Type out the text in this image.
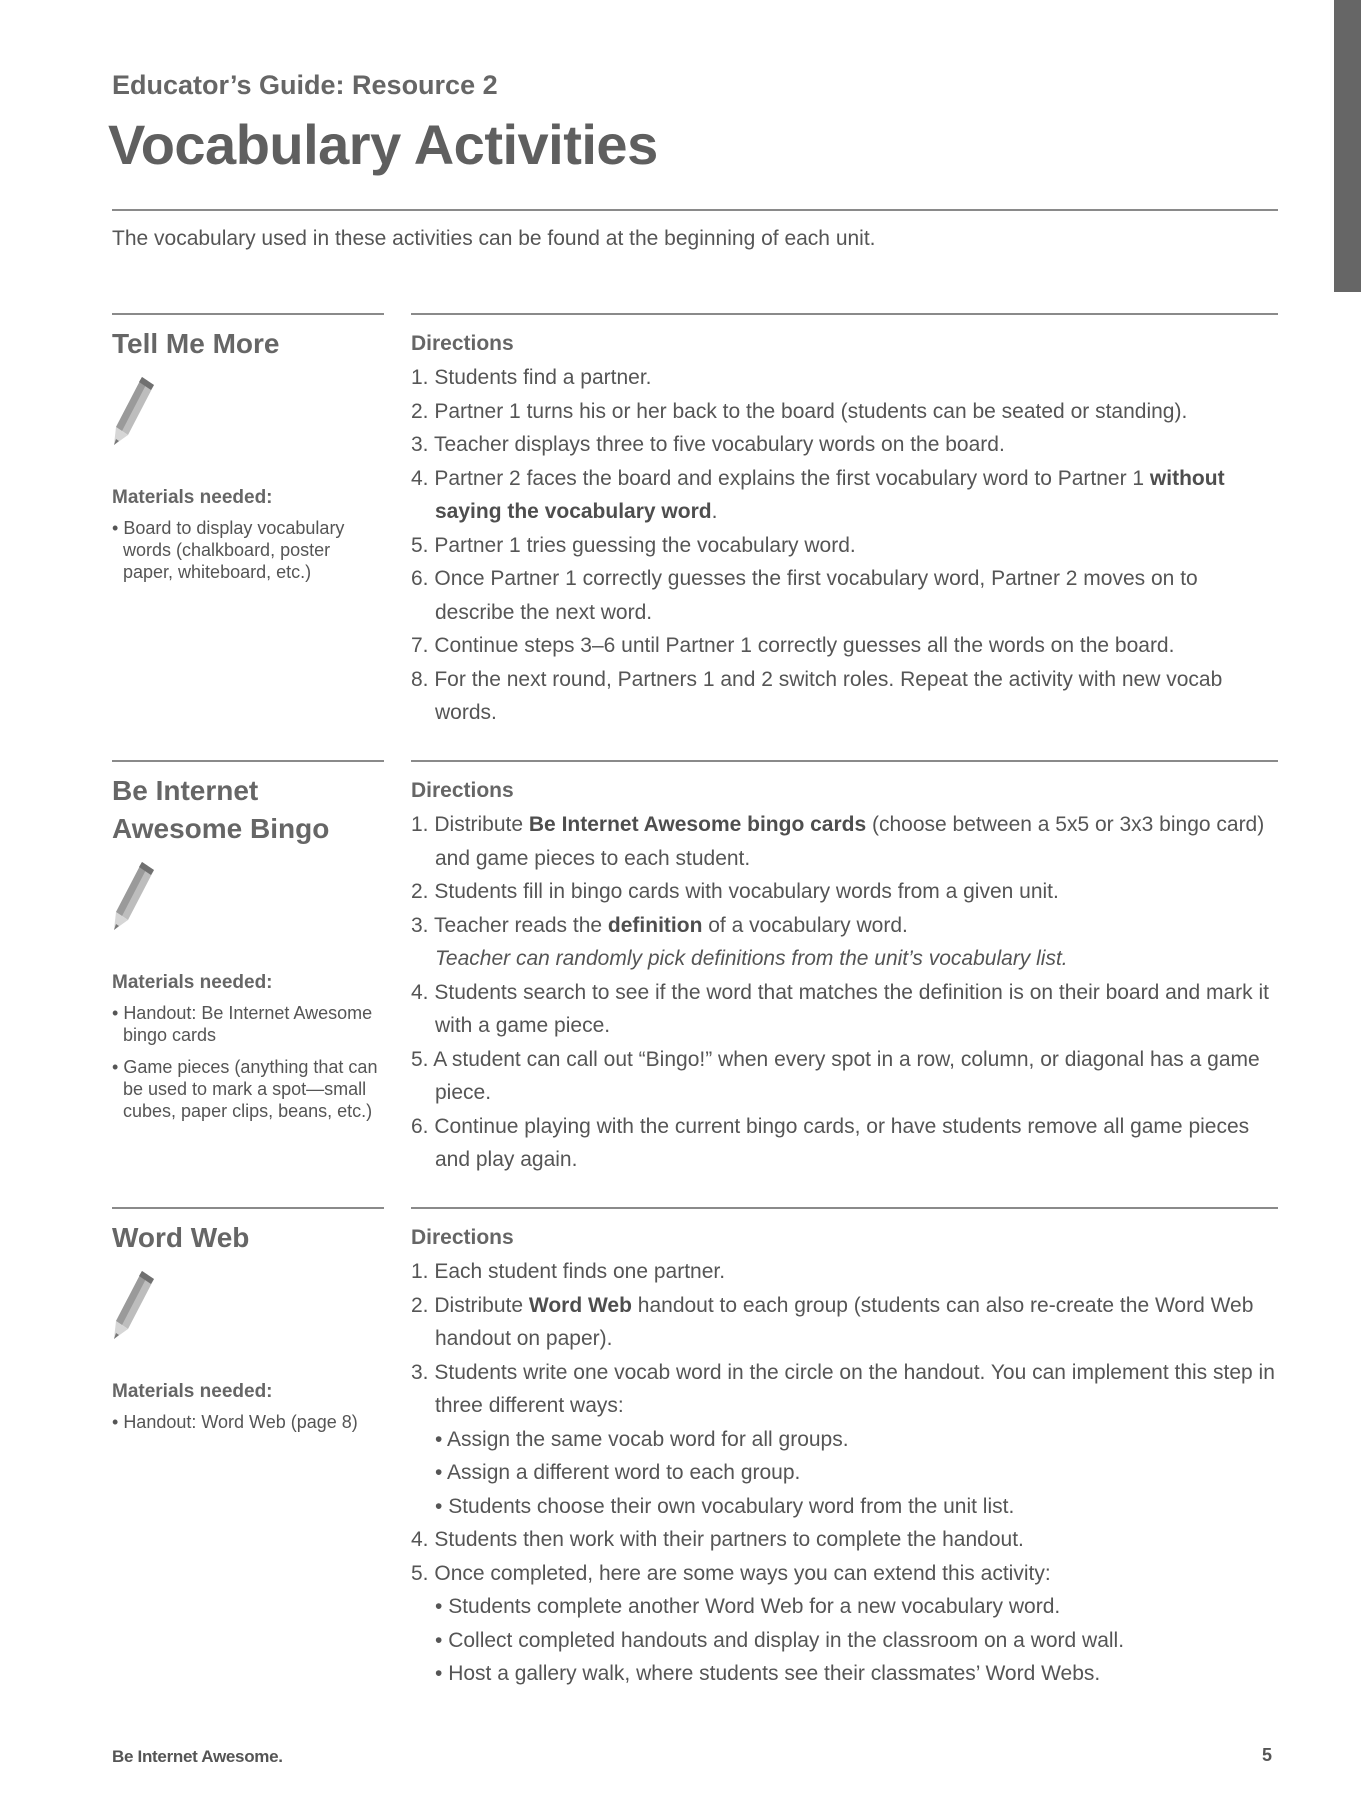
Educator’s Guide: Resource 2
Vocabulary Activities

The vocabulary used in these activities can be found at the beginning of each unit.

Tell Me More

Materials needed:

• Board to display vocabulary words (chalkboard, poster paper, whiteboard, etc.)

Directions

1. Students find a partner.
2. Partner 1 turns his or her back to the board (students can be seated or standing).
3. Teacher displays three to five vocabulary words on the board.
4. Partner 2 faces the board and explains the first vocabulary word to Partner 1 without saying the vocabulary word.
5. Partner 1 tries guessing the vocabulary word.
6. Once Partner 1 correctly guesses the first vocabulary word, Partner 2 moves on to describe the next word.
7. Continue steps 3–6 until Partner 1 correctly guesses all the words on the board.
8. For the next round, Partners 1 and 2 switch roles. Repeat the activity with new vocab words.
Be Internet
Awesome Bingo

Materials needed:

• Handout: Be Internet Awesome bingo cards
• Game pieces (anything that can be used to mark a spot—small cubes, paper clips, beans, etc.)

Directions

1. Distribute Be Internet Awesome bingo cards (choose between a 5x5 or 3x3 bingo card) and game pieces to each student.
2. Students fill in bingo cards with vocabulary words from a given unit.
3. Teacher reads the definition of a vocabulary word.
Teacher can randomly pick definitions from the unit’s vocabulary list.
4. Students search to see if the word that matches the definition is on their board and mark it with a game piece.
5. A student can call out “Bingo!” when every spot in a row, column, or diagonal has a game piece.
6. Continue playing with the current bingo cards, or have students remove all game pieces and play again.
Word Web

Materials needed:

• Handout: Word Web (page 8)

Directions

1. Each student finds one partner.
2. Distribute Word Web handout to each group (students can also re-create the Word Web handout on paper).
3. Students write one vocab word in the circle on the handout. You can implement this step in three different ways:
• Assign the same vocab word for all groups.
• Assign a different word to each group.
• Students choose their own vocabulary word from the unit list.
4. Students then work with their partners to complete the handout.
5. Once completed, here are some ways you can extend this activity:
• Students complete another Word Web for a new vocabulary word.
• Collect completed handouts and display in the classroom on a word wall.
• Host a gallery walk, where students see their classmates’ Word Webs.

Be Internet Awesome.	5
